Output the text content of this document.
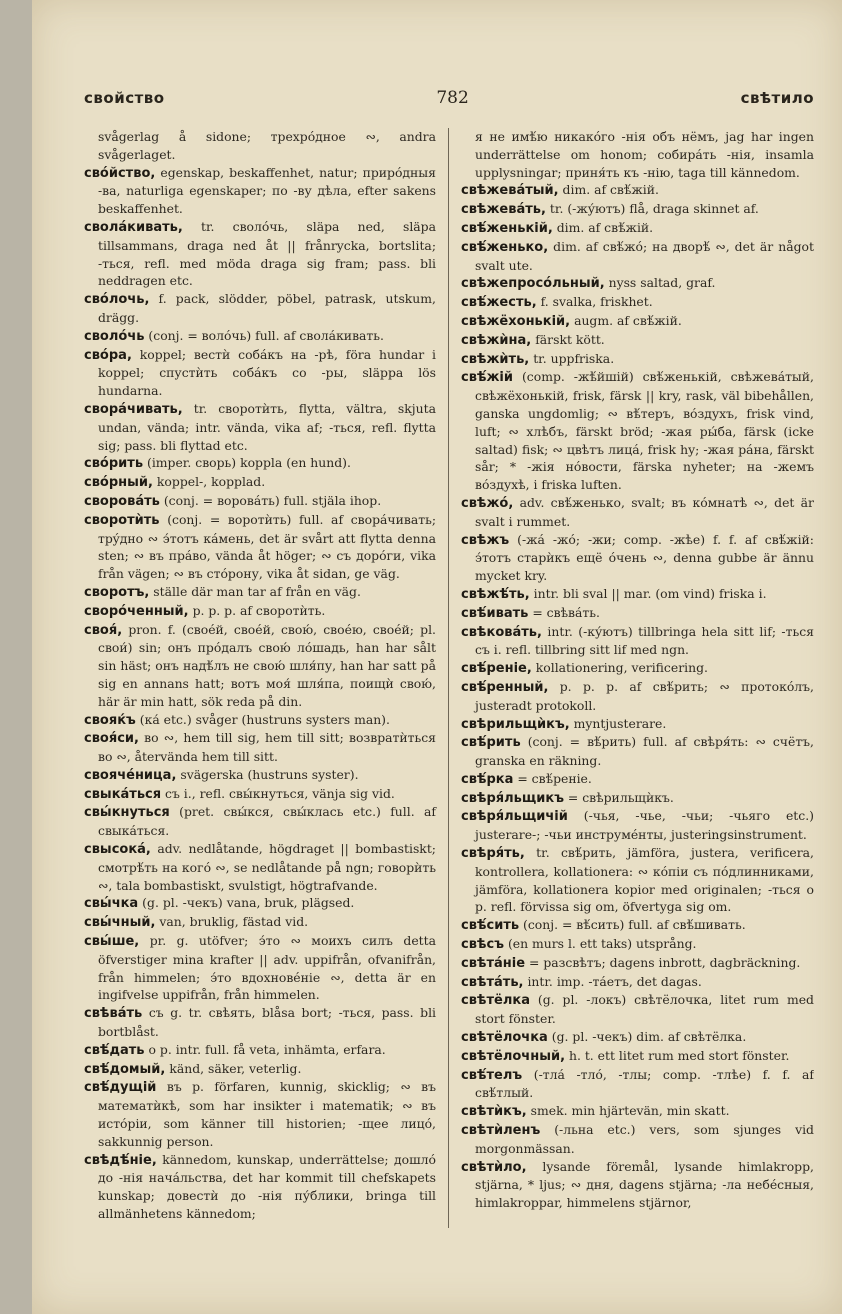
свойство	782	свѣтило
svågerlag å sidone; трехрóдное ∾, andra svågerlaget.
свóйство, egenskap, beskaffenhet, natur; прирóдныя -ва, naturliga egenskaper; по -ву дѣла, efter sakens beskaffenhet.
сволáкивать, tr. сволóчь, släpa ned, släpa tillsammans, draga ned åt || frånrycka, bortslita; -ться, refl. med möda draga sig fram; pass. bli neddragen etc.
свóлочь, f. pack, slödder, pöbel, patrask, utskum, drägg.
сволóчь (conj. = волóчь) full. af сволáкивать.
свóра, koppel; вестѝ собáкъ на -рѣ, föra hundar i koppel; спустѝть собáкъ со -ры, släppa lös hundarna.
сворáчивать, tr. своротѝть, flytta, vältra, skjuta undan, vända; intr. vända, vika af; -ться, refl. flytta sig; pass. bli flyttad etc.
свóрить (imper. сворь) koppla (en hund).
свóрный, koppel-, kopplad.
своровáть (conj. = воровáть) full. stjäla ihop.
своротѝть (conj. = воротѝть) full. af сворáчивать; трýдно ∾ э́тотъ кáмень, det är svårt att flytta denna sten; ∾ въ прáво, vända åt höger; ∾ съ дорóги, vika från vägen; ∾ въ стóрону, vika åt sidan, ge väg.
своротъ, ställe där man tar af från en väg.
свoрóченный, p. p. p. af своротѝть.
своя́, pron. f. (своéй, своéй, свою́, своéю, своéй; pl. свои́) sin; онъ прóдалъ свою́ лóшадь, han har sålt sin häst; онъ надѣ́лъ не свою́ шля́пу, han har satt på sig en annans hatt; вотъ моя́ шля́па, поищѝ свою́, här är min hatt, sök reda på din.
свояќъ (ка́ etc.) svåger (hustruns systers man).
своя́си, во ∾, hem till sig, hem till sitt; возвратѝться во ∾, återvända hem till sitt.
свояче́ница, svägerska (hustruns syster).
свыкáться съ i., refl. свы́кнуться, vänja sig vid.
свы́кнуться (pret. свы́кся, свы́клась etc.) full. af свыкáться.
свысокá, adv. nedlåtande, högdraget || bombastiskt; смотрѣ́ть на когó ∾, se nedlåtande på ngn; говорѝть ∾, tala bombastiskt, svulstigt, högtrafvande.
свы́чка (g. pl. -чекъ) vana, bruk, plägsed.
свы́чный, van, bruklig, fästad vid.
свы́ше, pr. g. utöfver; э́то ∾ моихъ силъ detta öfverstiger mina krafter || adv. uppifrån, ofvanifrån, från himmelen; э́то вдохновéніе ∾, detta är en ingifvelse uppifrån, från himmelen.
свѣвáть съ g. tr. свѣять, blåsa bort; -ться, pass. bli bortblåst.
свѣ́дать о p. intr. full. få veta, inhämta, erfara.
свѣ́домый, känd, säker, veterlig.
свѣ́дущій въ p. förfaren, kunnig, skicklig; ∾ въ математѝкѣ, som har insikter i matematik; ∾ въ истóріи, som känner till historien; -щее лицó, sakkunnig person.
свѣдѣ́ніе, kännedom, kunskap, underrättelse; дошлó до -нія начáльства, det har kommit till chefskapets kunskap; довестѝ до -нія пу́блики, bringa till allmänhetens kännedom;
я не имѣ́ю никакóго -нія объ нёмъ, jag har ingen underrättelse om honom; собирáть -нія, insamla upplysningar; приня́ть къ -нію, taga till kännedom.
свѣжевáтый, dim. af свѣ́жій.
свѣжевáть, tr. (-жу́ютъ) flå, draga skinnet af.
свѣ́женькій, dim. af свѣ́жій.
свѣ́женько, dim. af свѣ́жó; на дворѣ́ ∾, det är något svalt ute.
свѣжепросóльный, nyss saltad, graf.
свѣ́жесть, f. svalka, friskhet.
свѣжёхонькій, augm. af свѣ́жій.
свѣжѝна, färskt kött.
свѣжѝть, tr. uppfriska.
свѣ́жій (comp. -жѣ́йшій) свѣ́женькій, свѣжевáтый, свѣжёхонькій, frisk, färsk || kry, rask, väl bibehållen, ganska ungdomlig; ∾ вѣ́теръ, вóздухъ, frisk vind, luft; ∾ хлѣбъ, färskt bröd; -жая ры́ба, färsk (icke saltad) fisk; ∾ цвѣтъ лицá, frisk hy; -жая рáна, färskt sår; * -жія нóвости, färska nyheter; на -жемъ вóздухѣ, i friska luften.
свѣжó, adv. свѣ́женько, svalt; въ кóмнатѣ ∾, det är svalt i rummet.
свѣжъ (-жá -жó; -жи; comp. -жѣе) f. f. af свѣ́жій: э́тотъ старѝкъ ещё óчень ∾, denna gubbe är ännu mycket kry.
свѣжѣ́ть, intr. bli sval || mar. (om vind) friska i.
свѣ́ивать = свѣвáть.
свѣковáть, intr. (-ку́ютъ) tillbringa hela sitt lif; -ться съ i. refl. tillbring sitt lif med ngn.
свѣ́реніе, kollationering, verificering.
свѣ́ренный, p. p. p. af свѣ́рить; ∾ протокóлъ, justeradt protokoll.
свѣрильщѝкъ, myntjusterare.
свѣ́рить (conj. = вѣ́рить) full. af свѣря́ть: ∾ счётъ, granska en räkning.
свѣ́рка = свѣ́реніе.
свѣря́льщикъ = свѣрильщѝкъ.
свѣря́льщичій (-чья, -чье, -чьи; -чьяго etc.) justerare-; -чьи инструмéнты, justeringsinstrument.
свѣря́ть, tr. свѣ́рить, jämföra, justera, verificera, kontrollera, kollationera: ∾ кóпіи съ пóдлинниками, jämföra, kollationera kopior med originalen; -ться о p. refl. förvissa sig om, öfvertyga sig om.
свѣ́сить (conj. = вѣ́сить) full. af свѣ́шивать.
свѣсъ (en murs l. ett taks) utsprång.
свѣтáніе = разсвѣтъ; dagens inbrott, dagbräckning.
свѣтáть, intr. imp. -тáетъ, det dagas.
свѣтёлка (g. pl. -локъ) свѣтёлочка, litet rum med stort fönster.
свѣтёлочка (g. pl. -чекъ) dim. af свѣтёлка.
свѣтёлочный, h. t. ett litet rum med stort fönster.
свѣ́телъ (-тлá -тлó, -тлы; comp. -тлѣе) f. f. af свѣ́тлый.
свѣтѝкъ, smek. min hjärtevän, min skatt.
свѣтѝленъ (-льна etc.) vers, som sjunges vid morgonmässan.
свѣтѝло, lysande föremål, lysande himlakropp, stjärna, * ljus; ∾ дня, dagens stjärna; -ла небéсныя, himlakroppar, himmelens stjärnor,
